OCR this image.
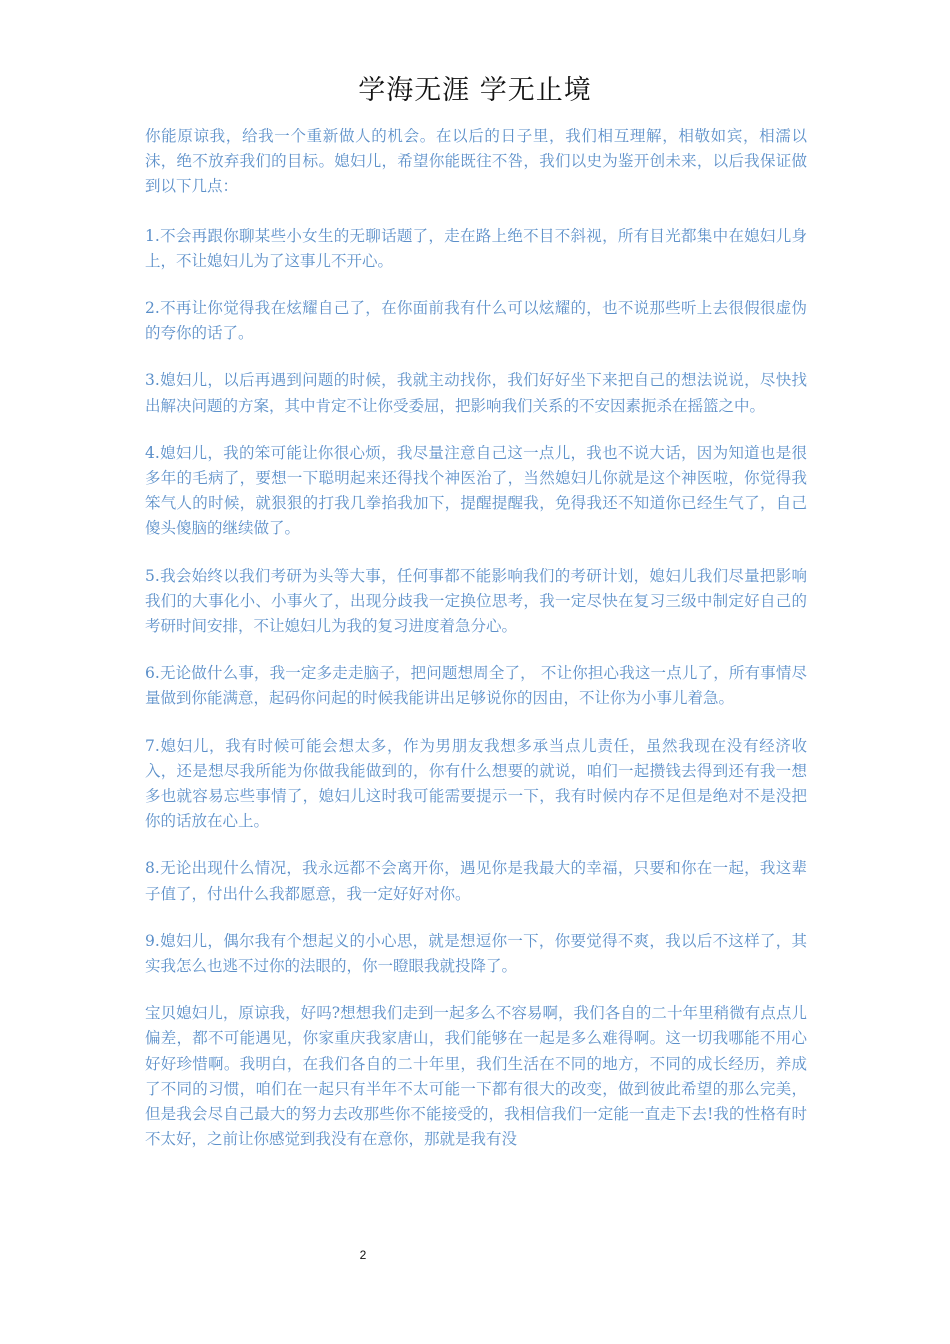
学海无涯 学无止境

你能原谅我，给我一个重新做人的机会。在以后的日子里，我们相互理解，相敬如宾，相濡以沫，绝不放弃我们的目标。媳妇儿，希望你能既往不咎，我们以史为鉴开创未来，以后我保证做到以下几点：

1.不会再跟你聊某些小女生的无聊话题了，走在路上绝不目不斜视，所有目光都集中在媳妇儿身上，不让媳妇儿为了这事儿不开心。

2.不再让你觉得我在炫耀自己了，在你面前我有什么可以炫耀的，也不说那些听上去很假很虚伪的夸你的话了。

3.媳妇儿，以后再遇到问题的时候，我就主动找你，我们好好坐下来把自己的想法说说，尽快找出解决问题的方案，其中肯定不让你受委屈，把影响我们关系的不安因素扼杀在摇篮之中。

4.媳妇儿，我的笨可能让你很心烦，我尽量注意自己这一点儿，我也不说大话，因为知道也是很多年的毛病了，要想一下聪明起来还得找个神医治了，当然媳妇儿你就是这个神医啦，你觉得我笨气人的时候，就狠狠的打我几拳掐我加下，提醒提醒我，免得我还不知道你已经生气了，自己傻头傻脑的继续做了。

5.我会始终以我们考研为头等大事，任何事都不能影响我们的考研计划，媳妇儿我们尽量把影响我们的大事化小、小事火了，出现分歧我一定换位思考，我一定尽快在复习三级中制定好自己的考研时间安排，不让媳妇儿为我的复习进度着急分心。

6.无论做什么事，我一定多走走脑子，把问题想周全了， 不让你担心我这一点儿了，所有事情尽量做到你能满意，起码你问起的时候我能讲出足够说你的因由，不让你为小事儿着急。

7.媳妇儿，我有时候可能会想太多，作为男朋友我想多承当点儿责任，虽然我现在没有经济收入，还是想尽我所能为你做我能做到的，你有什么想要的就说，咱们一起攒钱去得到还有我一想多也就容易忘些事情了，媳妇儿这时我可能需要提示一下，我有时候内存不足但是绝对不是没把你的话放在心上。

8.无论出现什么情况，我永远都不会离开你，遇见你是我最大的幸福，只要和你在一起，我这辈子值了，付出什么我都愿意，我一定好好对你。

9.媳妇儿，偶尔我有个想起义的小心思，就是想逗你一下，你要觉得不爽，我以后不这样了，其实我怎么也逃不过你的法眼的，你一瞪眼我就投降了。

宝贝媳妇儿，原谅我，好吗?想想我们走到一起多么不容易啊，我们各自的二十年里稍微有点点儿偏差，都不可能遇见，你家重庆我家唐山，我们能够在一起是多么难得啊。这一切我哪能不用心好好珍惜啊。我明白，在我们各自的二十年里，我们生活在不同的地方，不同的成长经历，养成了不同的习惯，咱们在一起只有半年不太可能一下都有很大的改变，做到彼此希望的那么完美，但是我会尽自己最大的努力去改那些你不能接受的，我相信我们一定能一直走下去!我的性格有时不太好，之前让你感觉到我没有在意你，那就是我有没

2
